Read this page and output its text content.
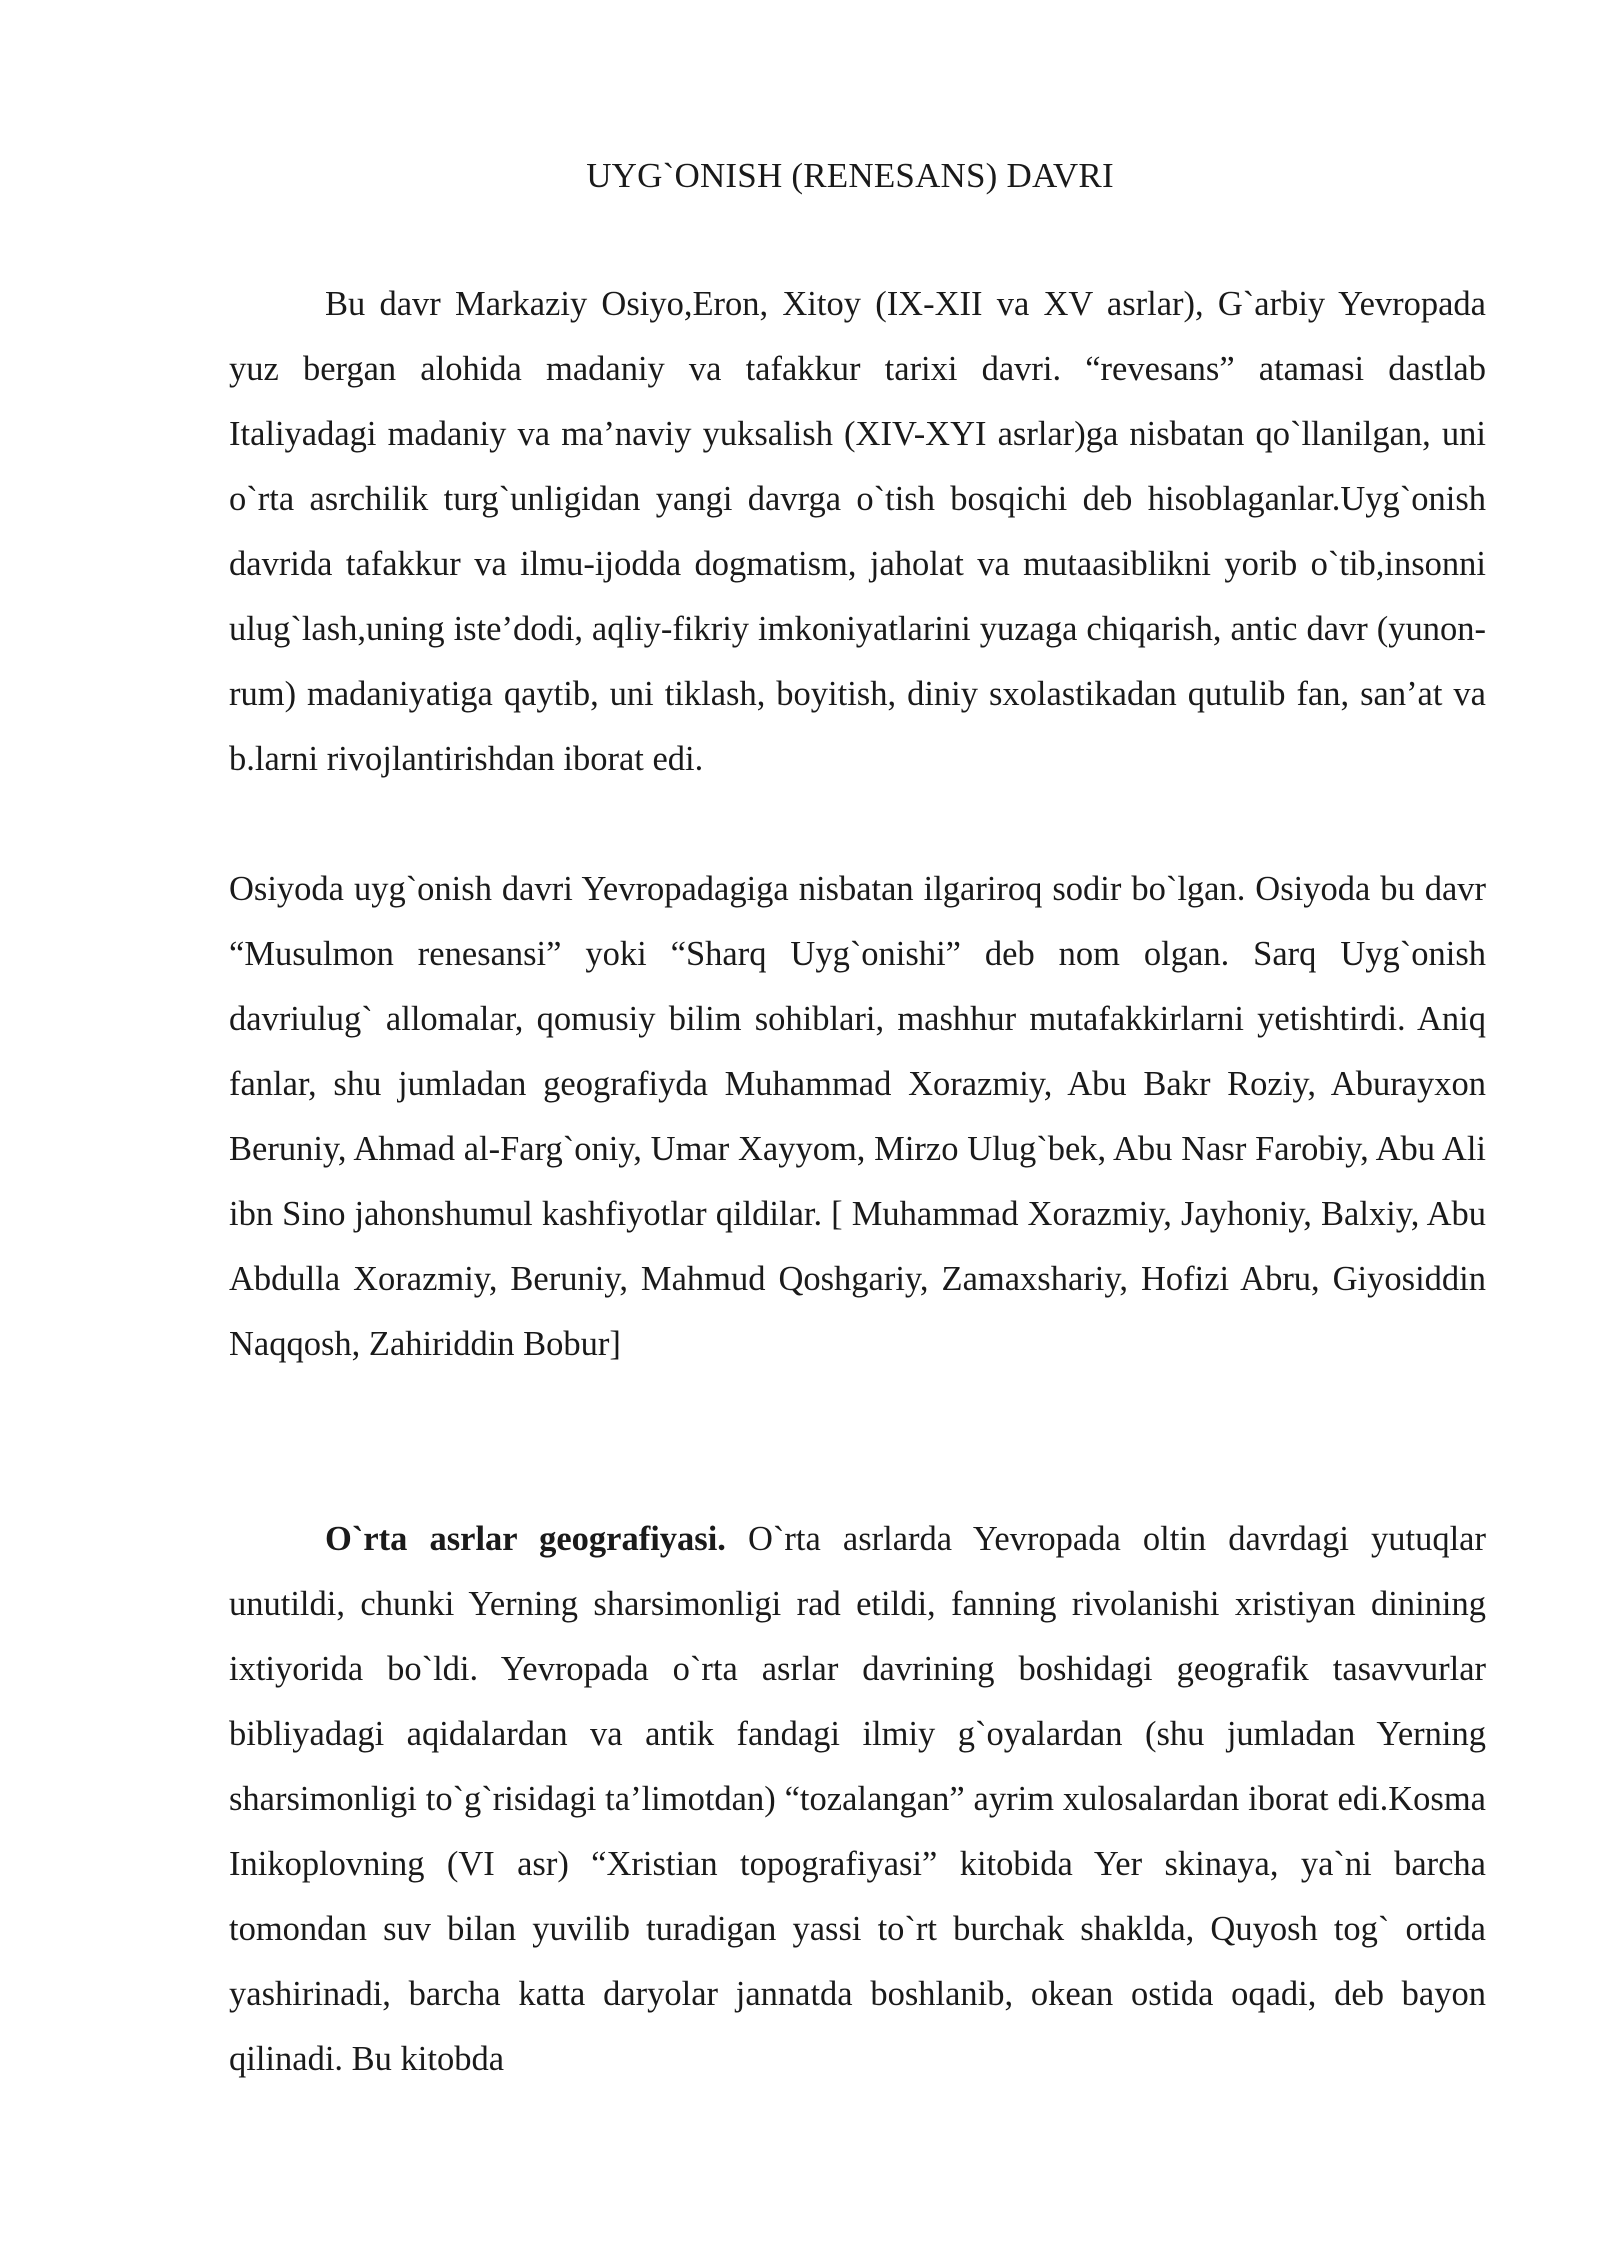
UYG`ONISH (RENESANS) DAVRI

Bu davr Markaziy Osiyo,Eron, Xitoy (IX-XII va XV asrlar), G`arbiy Yevropada yuz bergan alohida madaniy va tafakkur tarixi davri. “revesans” atamasi dastlab Italiyadagi madaniy va ma’naviy yuksalish (XIV-XYI asrlar)ga nisbatan qo`llanilgan, uni o`rta asrchilik turg`unligidan yangi davrga o`tish bosqichi deb hisoblaganlar.Uyg`onish davrida tafakkur va ilmu-ijodda dogmatism, jaholat va mutaasiblikni yorib o`tib,insonni ulug`lash,uning iste’dodi, aqliy-fikriy imkoniyatlarini yuzaga chiqarish, antic davr (yunon-rum) madaniyatiga qaytib, uni tiklash, boyitish, diniy sxolastikadan qutulib fan, san’at va b.larni rivojlantirishdan iborat edi.

Osiyoda uyg`onish davri Yevropadagiga nisbatan ilgariroq sodir bo`lgan. Osiyoda bu davr “Musulmon renesansi” yoki “Sharq Uyg`onishi” deb nom olgan. Sarq Uyg`onish davriulug` allomalar, qomusiy bilim sohiblari, mashhur mutafakkirlarni yetishtirdi. Aniq fanlar, shu jumladan geografiyda Muhammad Xorazmiy, Abu Bakr Roziy, Aburayxon Beruniy, Ahmad al-Farg`oniy, Umar Xayyom, Mirzo Ulug`bek, Abu Nasr Farobiy, Abu Ali ibn Sino jahonshumul kashfiyotlar qildilar. [ Muhammad Xorazmiy, Jayhoniy, Balxiy, Abu Abdulla Xorazmiy, Beruniy, Mahmud Qoshgariy, Zamaxshariy, Hofizi Abru, Giyosiddin Naqqosh, Zahiriddin Bobur]

O`rta asrlar geografiyasi. O`rta asrlarda Yevropada oltin davrdagi yutuqlar unutildi, chunki Yerning sharsimonligi rad etildi, fanning rivolanishi xristiyan dinining ixtiyorida bo`ldi. Yevropada o`rta asrlar davrining boshidagi geografik tasavvurlar bibliyadagi aqidalardan va antik fandagi ilmiy g`oyalardan (shu jumladan Yerning sharsimonligi to`g`risidagi ta’limotdan) “tozalangan” ayrim xulosalardan iborat edi.Kosma Inikoplovning (VI asr) “Xristian topografiyasi” kitobida Yer skinaya, ya`ni barcha tomondan suv bilan yuvilib turadigan yassi to`rt burchak shakldа, Quyosh tog` ortida yashirinadi, barcha katta daryolar jannatda boshlanib, okean ostida oqadi, deb bayon qilinadi. Bu kitobda
